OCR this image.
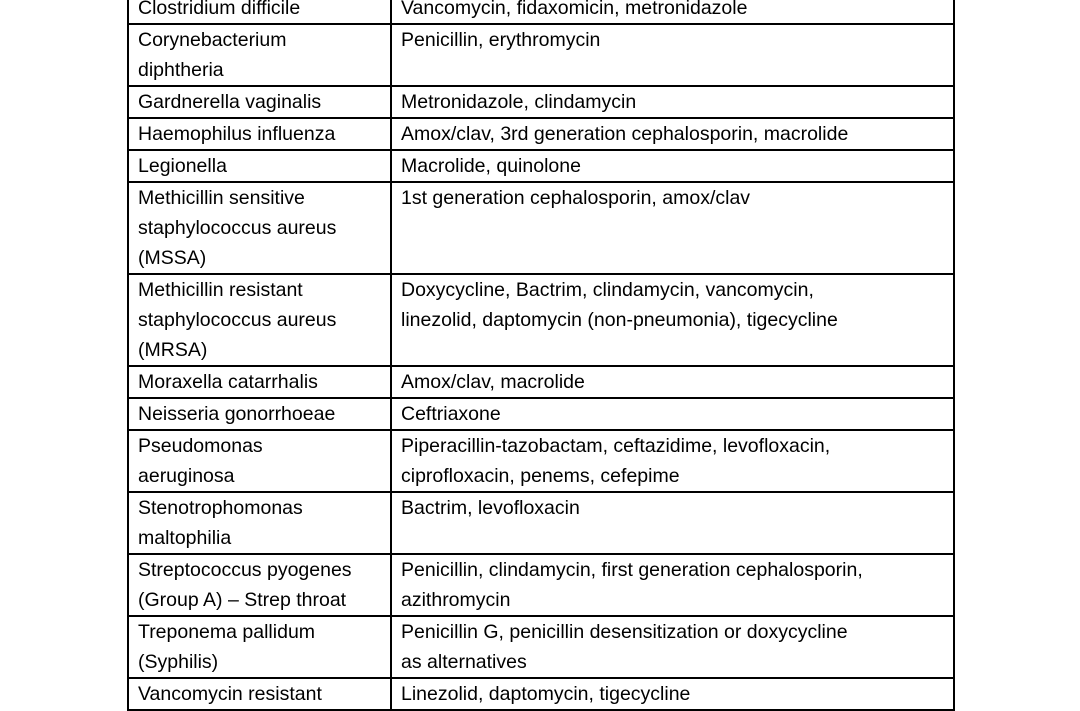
Clostridium difficile	Vancomycin, fidaxomicin, metronidazole

Corynebacterium
diphtheria	Penicillin, erythromycin

Gardnerella vaginalis	Metronidazole, clindamycin

Haemophilus influenza	Amox/clav, 3rd generation cephalosporin, macrolide

Legionella	Macrolide, quinolone

Methicillin sensitive
staphylococcus aureus
(MSSA)	1st generation cephalosporin, amox/clav

Methicillin resistant
staphylococcus aureus
(MRSA)	Doxycycline, Bactrim, clindamycin, vancomycin,
linezolid, daptomycin (non-pneumonia), tigecycline

Moraxella catarrhalis	Amox/clav, macrolide

Neisseria gonorrhoeae	Ceftriaxone

Pseudomonas
aeruginosa	Piperacillin-tazobactam, ceftazidime, levofloxacin,
ciprofloxacin, penems, cefepime

Stenotrophomonas
maltophilia	Bactrim, levofloxacin

Streptococcus pyogenes
(Group A) – Strep throat	Penicillin, clindamycin, first generation cephalosporin,
azithromycin

Treponema pallidum
(Syphilis)	Penicillin G, penicillin desensitization or doxycycline
as alternatives

Vancomycin resistant	Linezolid, daptomycin, tigecycline
